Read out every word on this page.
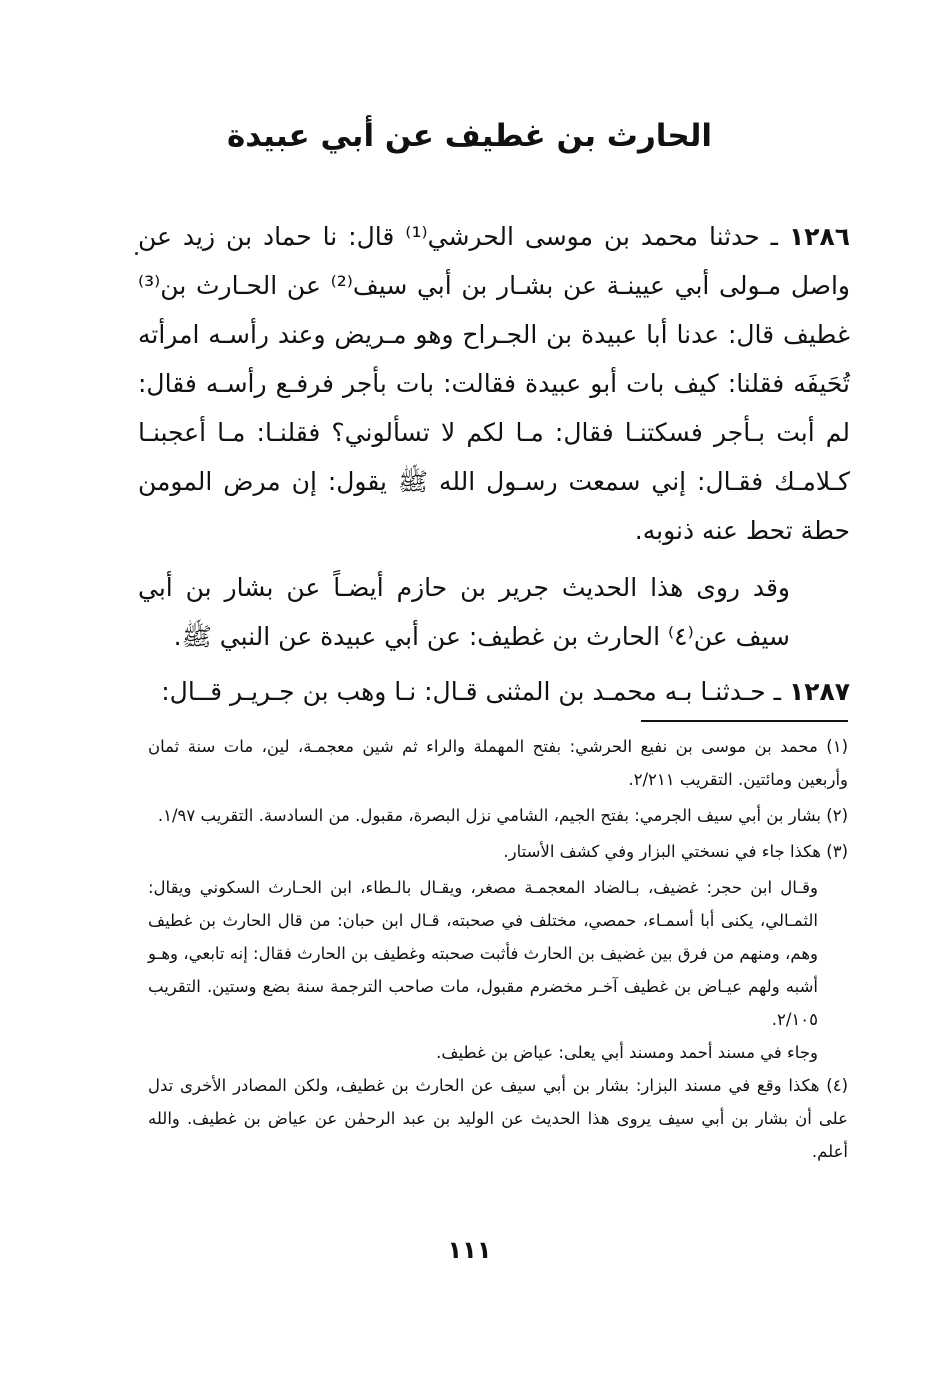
الحارث بن غطيف عن أبي عبيدة

١٢٨٦ ـ حدثنا محمد بن موسى الحرشي⁽¹⁾ قال: نا حماد بن زيد عن واصل مـولى أبي عيينـة عن بشـار بن أبي سيف⁽²⁾ عن الحـارث بن⁽³⁾ غطيف قال: عدنا أبا عبيدة بن الجـراح وهو مـريض وعند رأسـه امرأته تُحَيفَه فقلنا: كيف بات أبو عبيدة فقالت: بات بأجر فرفـع رأسـه فقال: لم أبت بـأجر فسكتنـا فقال: مـا لكم لا تسألوني؟ فقلنـا: مـا أعجبنـا كـلامـك فقـال: إني سمعت رسـول الله ﷺ يقول: إن مرض المومن حطة تحط عنه ذنوبه.

وقد روى هذا الحديث جرير بن حازم أيضـاً عن بشار بن أبي سيف عن⁽٤⁾ الحارث بن غطيف: عن أبي عبيدة عن النبي ﷺ.

١٢٨٧ ـ حـدثنـا بـه محمـد بن المثنى قـال: نـا وهب بن جـريـر قــال:

(١) محمد بن موسى بن نفيع الحرشي: بفتح المهملة والراء ثم شين معجمـة، لين، مات سنة ثمان وأربعين ومائتين. التقريب ٢/٢١١.

(٢) بشار بن أبي سيف الجرمي: بفتح الجيم، الشامي نزل البصرة، مقبول. من السادسة. التقريب ١/٩٧.

(٣) هكذا جاء في نسختي البزار وفي كشف الأستار.

وقـال ابن حجر: غضيف، بـالضاد المعجمـة مصغر، ويقـال بالـطاء، ابن الحـارث السكوني ويقال: الثمـالي، يكنى أبا أسمـاء، حمصي، مختلف في صحبته، قـال ابن حبان: من قال الحارث بن غطيف وهم، ومنهم من فرق بين غضيف بن الحارث فأثبت صحبته وغطيف بن الحارث فقال: إنه تابعي، وهـو أشبه ولهم عيـاض بن غطيف آخـر مخضرم مقبول، مات صاحب الترجمة سنة بضع وستين. التقريب ٢/١٠٥.

وجاء في مسند أحمد ومسند أبي يعلى: عياض بن غطيف.

(٤) هكذا وقع في مسند البزار: بشار بن أبي سيف عن الحارث بن غطيف، ولكن المصادر الأخرى تدل على أن بشار بن أبي سيف يروى هذا الحديث عن الوليد بن عبد الرحمٰن عن عياض بن غطيف. والله أعلم.

١١١
